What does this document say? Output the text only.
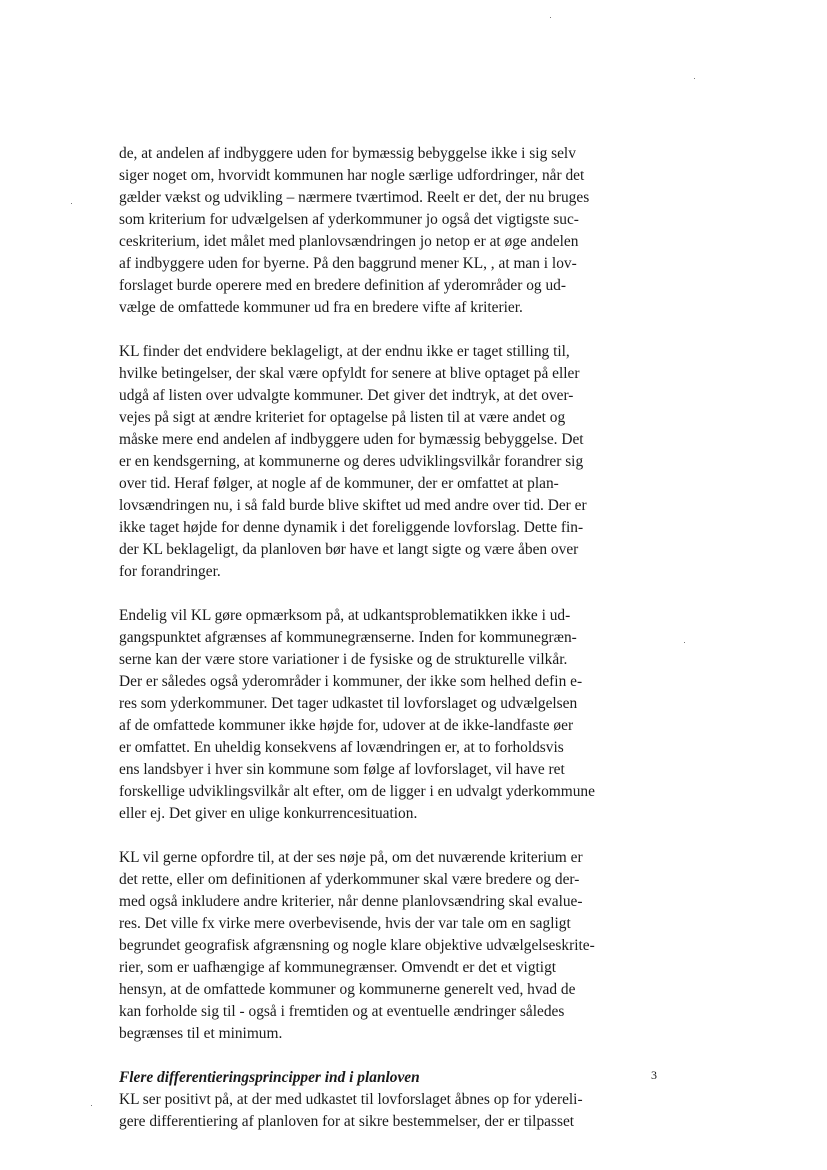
de, at andelen af indbyggere uden for bymæssig bebyggelse ikke i sig selv
siger noget om, hvorvidt kommunen har nogle særlige udfordringer, når det
gælder vækst og udvikling – nærmere tværtimod. Reelt er det, der nu bruges
som kriterium for udvælgelsen af yderkommuner jo også det vigtigste suc-
ceskriterium, idet målet med planlovsændringen jo netop er at øge andelen
af indbyggere uden for byerne. På den baggrund mener KL, , at man i lov-
forslaget burde operere med en bredere definition af yderområder og ud-
vælge de omfattede kommuner ud fra en bredere vifte af kriterier.

KL finder det endvidere beklageligt, at der endnu ikke er taget stilling til,
hvilke betingelser, der skal være opfyldt for senere at blive optaget på eller
udgå af listen over udvalgte kommuner. Det giver det indtryk, at det over-
vejes på sigt at ændre kriteriet for optagelse på listen til at være andet og
måske mere end andelen af indbyggere uden for bymæssig bebyggelse. Det
er en kendsgerning, at kommunerne og deres udviklingsvilkår forandrer sig
over tid. Heraf følger, at nogle af de kommuner, der er omfattet at plan-
lovsændringen nu, i så fald burde blive skiftet ud med andre over tid. Der er
ikke taget højde for denne dynamik i det foreliggende lovforslag. Dette fin-
der KL beklageligt, da planloven bør have et langt sigte og være åben over
for forandringer.

Endelig vil KL gøre opmærksom på, at udkantsproblematikken ikke i ud-
gangspunktet afgrænses af kommunegrænserne. Inden for kommunegræn-
serne kan der være store variationer i de fysiske og de strukturelle vilkår.
Der er således også yderområder i kommuner, der ikke som helhed defin e-
res som yderkommuner. Det tager udkastet til lovforslaget og udvælgelsen
af de omfattede kommuner ikke højde for, udover at de ikke-landfaste øer
er omfattet. En uheldig konsekvens af lovændringen er, at to forholdsvis
ens landsbyer i hver sin kommune som følge af lovforslaget, vil have ret
forskellige udviklingsvilkår alt efter, om de ligger i en udvalgt yderkommune
eller ej. Det giver en ulige konkurrencesituation.

KL vil gerne opfordre til, at der ses nøje på, om det nuværende kriterium er
det rette, eller om definitionen af yderkommuner skal være bredere og der-
med også inkludere andre kriterier, når denne planlovsændring skal evalue-
res. Det ville fx virke mere overbevisende, hvis der var tale om en sagligt
begrundet geografisk afgrænsning og nogle klare objektive udvælgelseskrite-
rier, som er uafhængige af kommunegrænser. Omvendt er det et vigtigt
hensyn, at de omfattede kommuner og kommunerne generelt ved, hvad de
kan forholde sig til - også i fremtiden og at eventuelle ændringer således
begrænses til et minimum.

Flere differentieringsprincipper ind i planloven

KL ser positivt på, at der med udkastet til lovforslaget åbnes op for ydereli-
gere differentiering af planloven for at sikre bestemmelser, der er tilpasset

3
